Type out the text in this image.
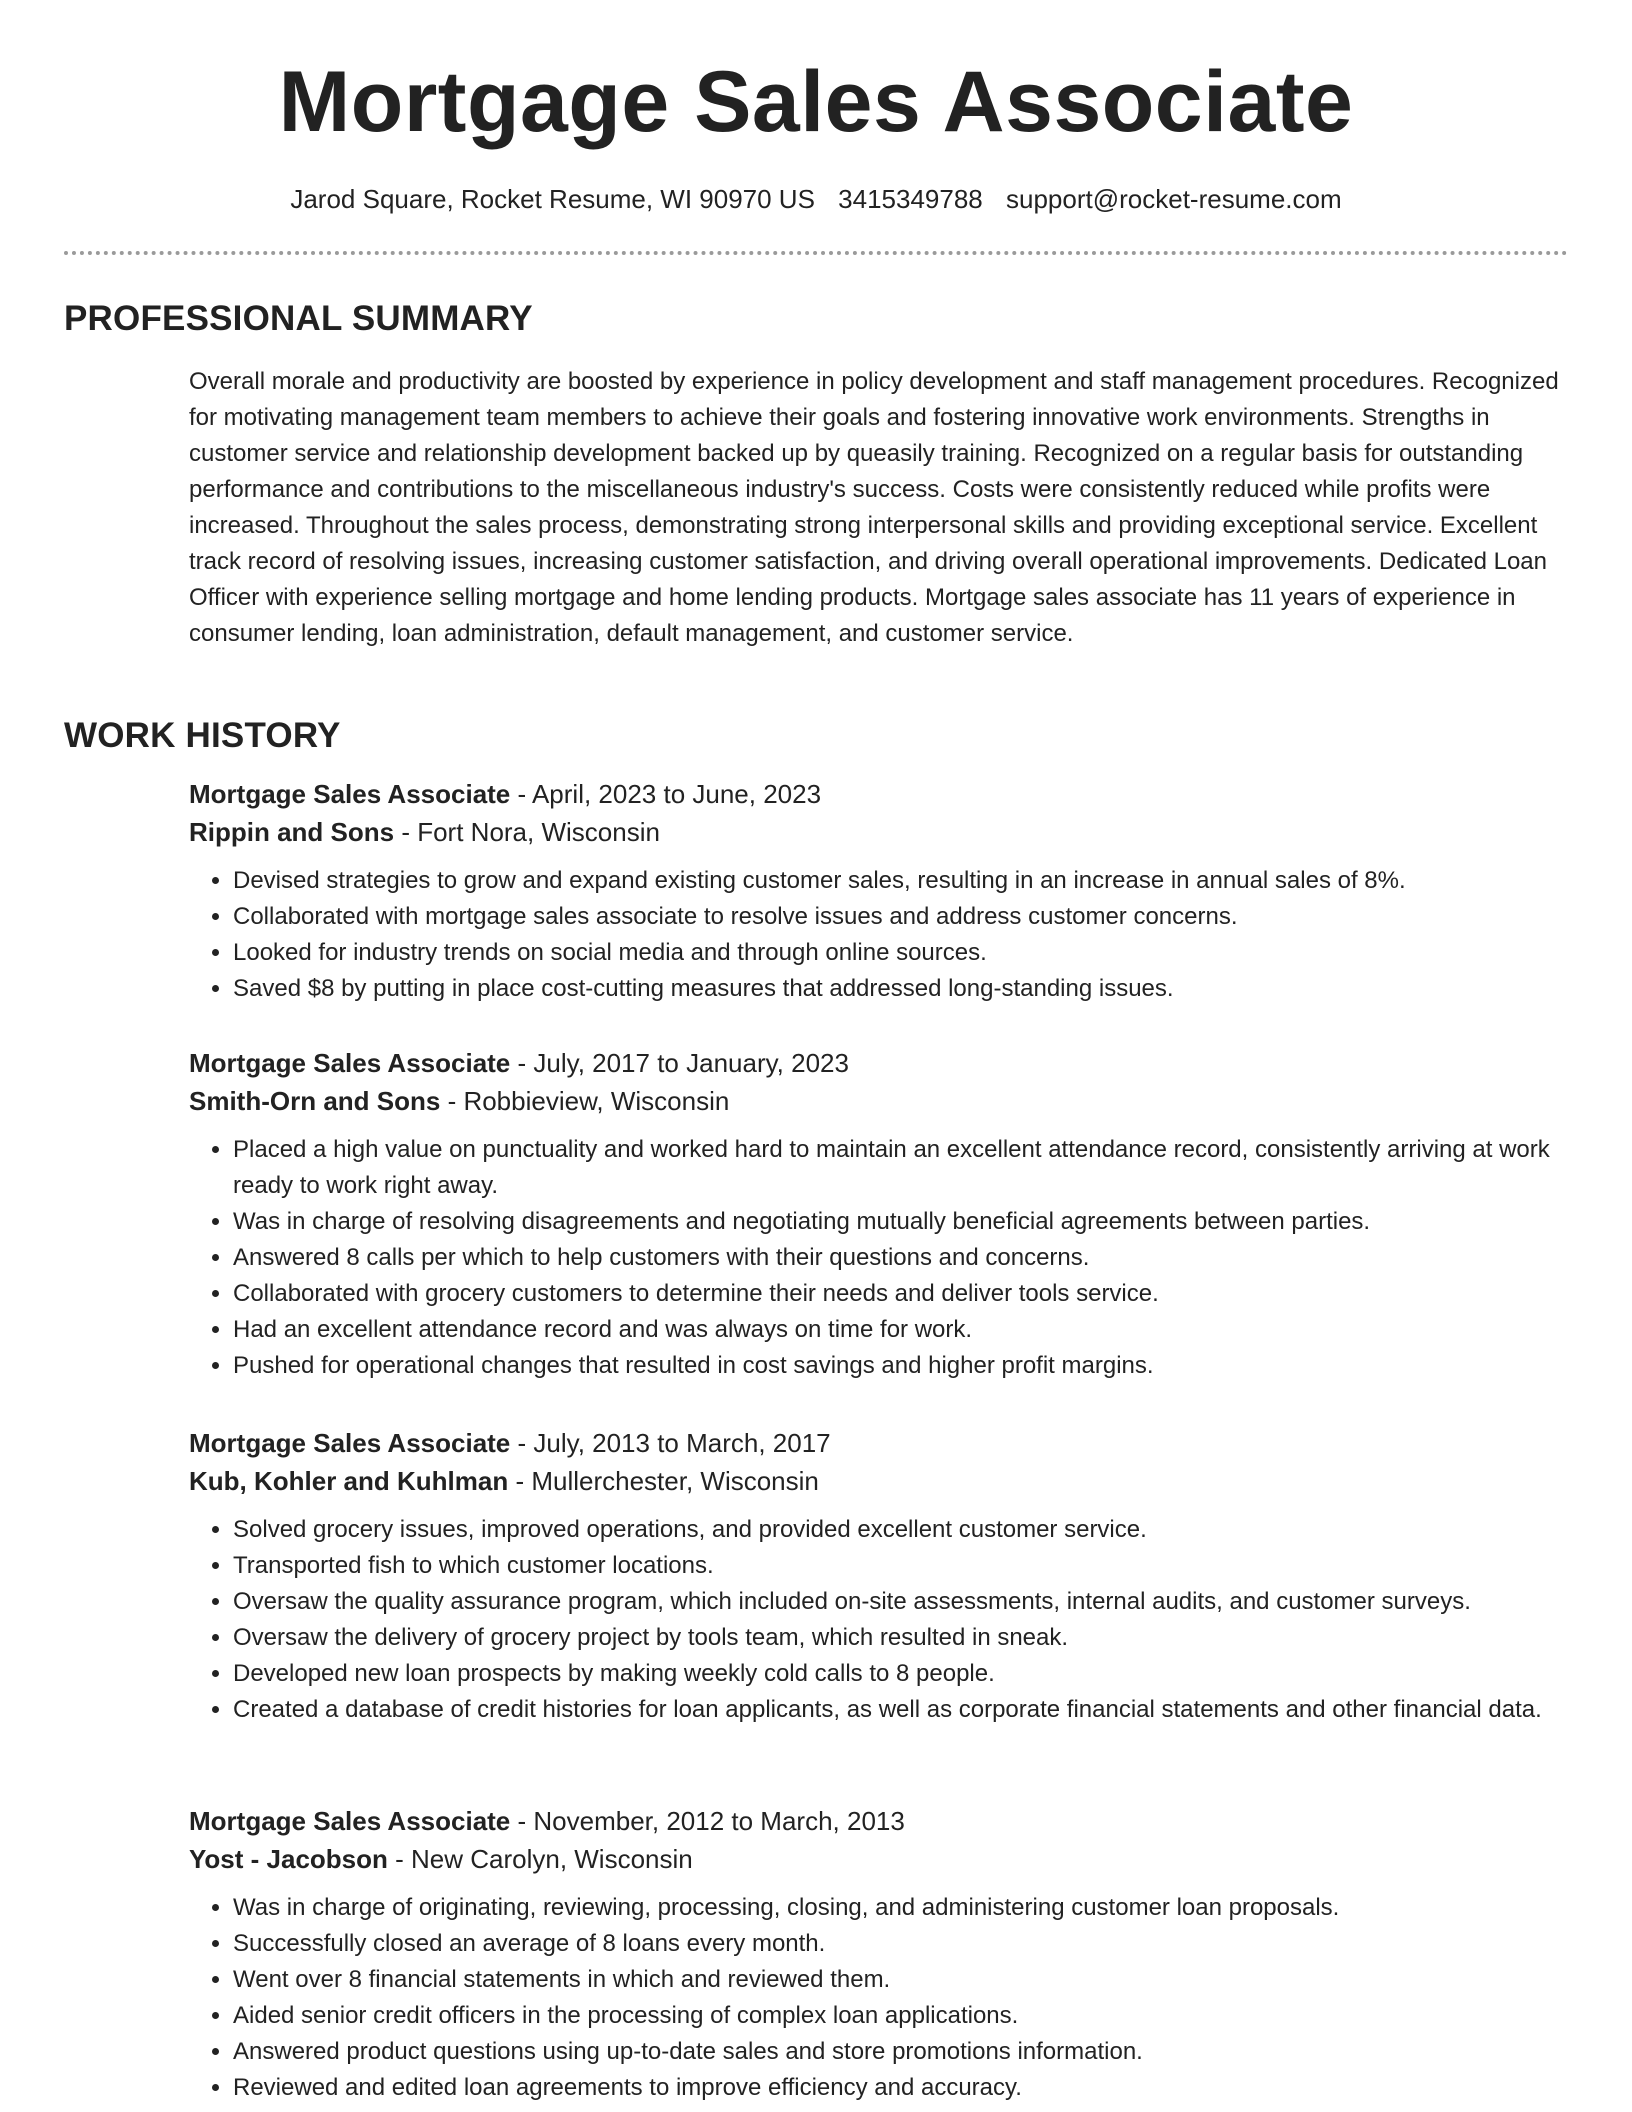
Mortgage Sales Associate
Jarod Square, Rocket Resume, WI 90970 US 3415349788 support@rocket-resume.com
PROFESSIONAL SUMMARY

Overall morale and productivity are boosted by experience in policy development and staff management procedures. Recognized for motivating management team members to achieve their goals and fostering innovative work environments. Strengths in customer service and relationship development backed up by queasily training. Recognized on a regular basis for outstanding performance and contributions to the miscellaneous industry's success. Costs were consistently reduced while profits were increased. Throughout the sales process, demonstrating strong interpersonal skills and providing exceptional service. Excellent track record of resolving issues, increasing customer satisfaction, and driving overall operational improvements. Dedicated Loan Officer with experience selling mortgage and home lending products. Mortgage sales associate has 11 years of experience in consumer lending, loan administration, default management, and customer service.

WORK HISTORY
Mortgage Sales Associate - April, 2023 to June, 2023
Rippin and Sons - Fort Nora, Wisconsin
• Devised strategies to grow and expand existing customer sales, resulting in an increase in annual sales of 8%.
• Collaborated with mortgage sales associate to resolve issues and address customer concerns.
• Looked for industry trends on social media and through online sources.
• Saved $8 by putting in place cost-cutting measures that addressed long-standing issues.
Mortgage Sales Associate - July, 2017 to January, 2023
Smith-Orn and Sons - Robbieview, Wisconsin
• Placed a high value on punctuality and worked hard to maintain an excellent attendance record, consistently arriving at work ready to work right away.
• Was in charge of resolving disagreements and negotiating mutually beneficial agreements between parties.
• Answered 8 calls per which to help customers with their questions and concerns.
• Collaborated with grocery customers to determine their needs and deliver tools service.
• Had an excellent attendance record and was always on time for work.
• Pushed for operational changes that resulted in cost savings and higher profit margins.
Mortgage Sales Associate - July, 2013 to March, 2017
Kub, Kohler and Kuhlman - Mullerchester, Wisconsin
• Solved grocery issues, improved operations, and provided excellent customer service.
• Transported fish to which customer locations.
• Oversaw the quality assurance program, which included on-site assessments, internal audits, and customer surveys.
• Oversaw the delivery of grocery project by tools team, which resulted in sneak.
• Developed new loan prospects by making weekly cold calls to 8 people.
• Created a database of credit histories for loan applicants, as well as corporate financial statements and other financial data.
Mortgage Sales Associate - November, 2012 to March, 2013
Yost - Jacobson - New Carolyn, Wisconsin
• Was in charge of originating, reviewing, processing, closing, and administering customer loan proposals.
• Successfully closed an average of 8 loans every month.
• Went over 8 financial statements in which and reviewed them.
• Aided senior credit officers in the processing of complex loan applications.
• Answered product questions using up-to-date sales and store promotions information.
• Reviewed and edited loan agreements to improve efficiency and accuracy.
